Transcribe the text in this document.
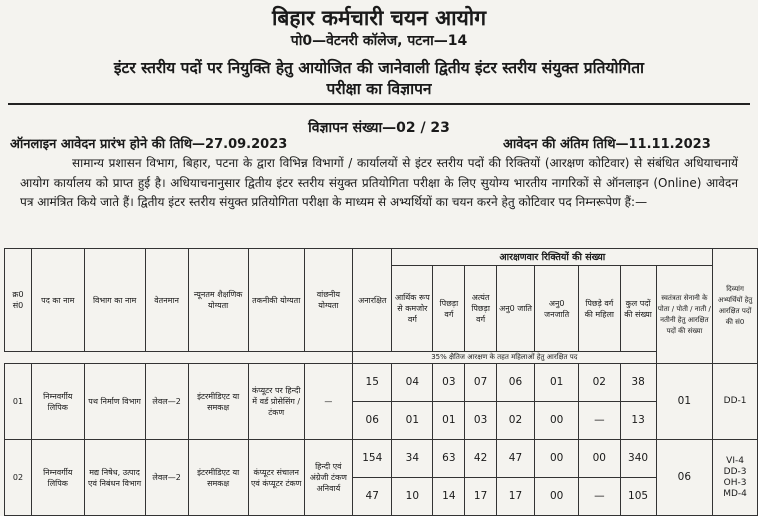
बिहार कर्मचारी चयन आयोग
पो0—वेटनरी कॉलेज, पटना—14
इंटर स्तरीय पदों पर नियुक्ति हेतु आयोजित की जानेवाली द्वितीय इंटर स्तरीय संयुक्त प्रतियोगिता
परीक्षा का विज्ञापन
विज्ञापन संख्या—02 / 23
ऑनलाइन आवेदन प्रारंभ होने की तिथि—27.09.2023	आवेदन की अंतिम तिथि—11.11.2023
सामान्य प्रशासन विभाग, बिहार, पटना के द्वारा विभिन्न विभागों / कार्यालयों से इंटर स्तरीय पदों की रिक्तियों (आरक्षण कोटिवार) से संबंधित अधियाचनायें आयोग कार्यालय को प्राप्त हुई है। अधियाचनानुसार द्वितीय इंटर स्तरीय संयुक्त प्रतियोगिता परीक्षा के लिए सुयोग्य भारतीय नागरिकों से ऑनलाइन (Online) आवेदन पत्र आमंत्रित किये जाते हैं। द्वितीय इंटर स्तरीय संयुक्त प्रतियोगिता परीक्षा के माध्यम से अभ्यर्थियों का चयन करने हेतु कोटिवार पद निम्नरूपेण हैं:—
क्र0 सं0	पद का नाम	विभाग का नाम	वेतनमान	न्यूनतम शैक्षणिक योग्यता	तकनीकी योग्यता	वांछनीय योग्यता	अनारक्षित	आरक्षणवार रिक्तियों की संख्या								दिव्यांग अभ्यर्थियों हेतु आरक्षित पदों की सं0
								आर्थिक रूप से कमजोर वर्ग	पिछड़ा वर्ग	अत्यंत पिछड़ा वर्ग	अनु0 जाति	अनु0 जनजाति	पिछड़े वर्ग की महिला	कुल पदों की संख्या	स्वतंत्रता सेनानी के पोता / पोती / नाती / नतीनी हेतु आरक्षित पदों की संख्या	
							35% क्षैतिज आरक्षण के तहत महिलाओं हेतु आरक्षित पद									
01	निम्नवर्गीय लिपिक	पथ निर्माण विभाग	लेवल—2	इंटरमीडिएट या समकक्ष	कंप्यूटर पर हिन्दी में वर्ड प्रोसेसिंग / टंकण	—	15	04	03	07	06	01	02	38	01	DD-1
							06	01	01	03	02	00	—	13		
02	निम्नवर्गीय लिपिक	मद्य निषेध, उत्पाद एवं निबंधन विभाग	लेवल—2	इंटरमीडिएट या समकक्ष	कंप्यूटर संचालन एवं कंप्यूटर टंकण	हिन्दी एवं अंग्रेजी टंकण अनिवार्य	154	34	63	42	47	00	00	340	06	VI-4 DD-3 OH-3 MD-4
							47	10	14	17	17	00	—	105		
